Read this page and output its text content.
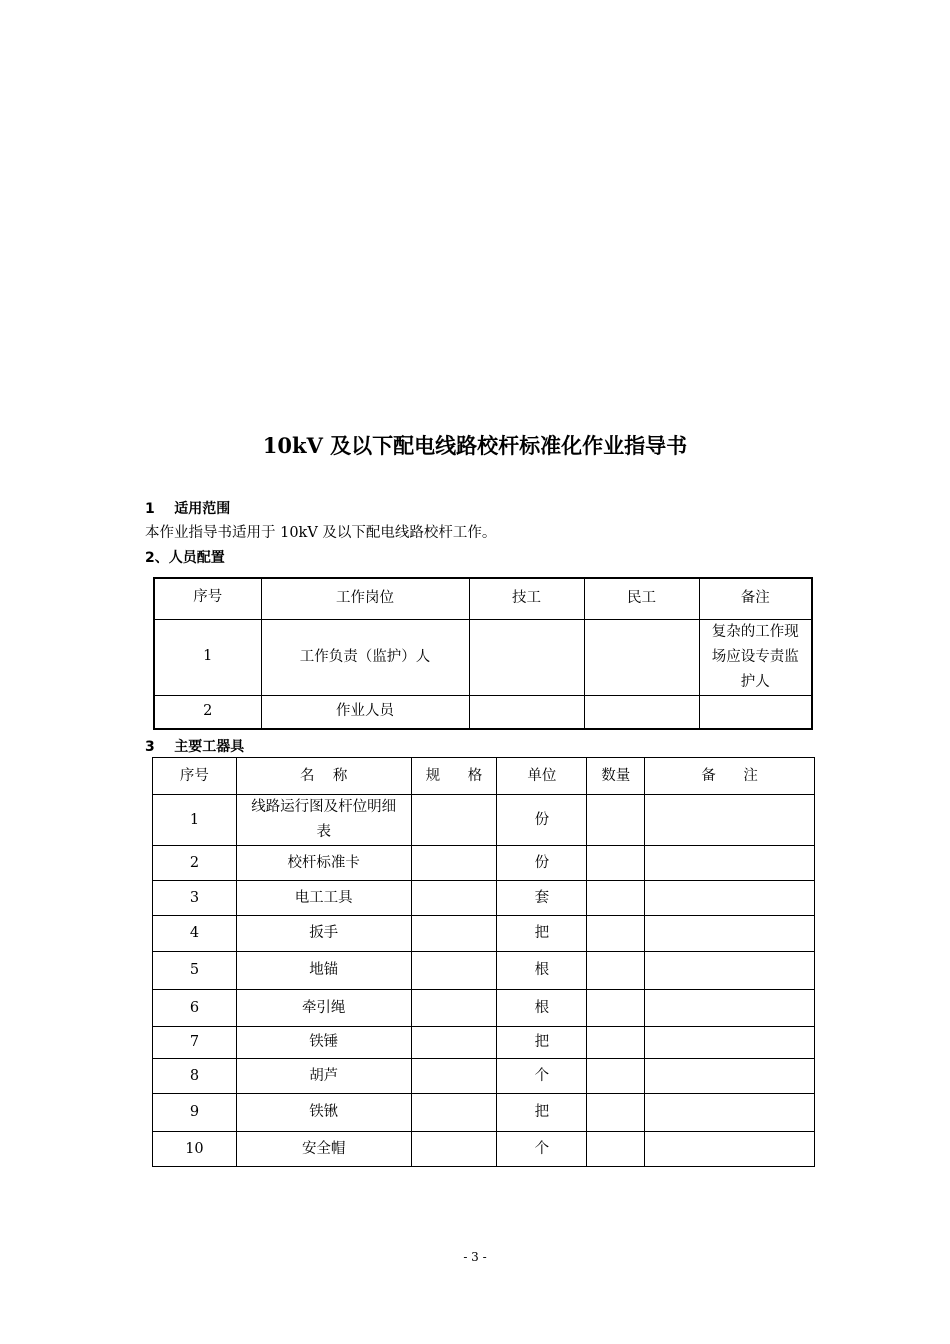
10kV 及以下配电线路校杆标准化作业指导书
1    适用范围
本作业指导书适用于 10kV 及以下配电线路校杆工作。
2、人员配置
序号	工作岗位	技工	民工	备注
1	工作负责（监护）人			复杂的工作现场应设专责监护人
2	作业人员			
3    主要工器具
序号	名    称	规      格	单位	数量	备      注
1	线路运行图及杆位明细表		份		
2	校杆标准卡		份		
3	电工工具		套		
4	扳手		把		
5	地锚		根		
6	牵引绳		根		
7	铁锤		把		
8	胡芦		个		
9	铁锹		把		
10	安全帽		个		
- 3 -
